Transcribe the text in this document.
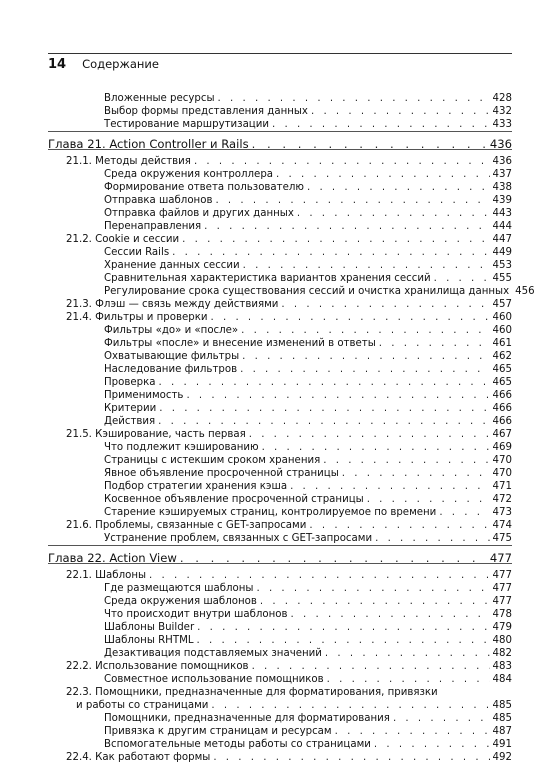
14 Содержание
Вложенные ресурсы . . .	428
Выбор формы представления данных . . .	432
Тестирование маршрутизации . . .	433
Глава 21. Action Controller и Rails . . .	436
21.1. Методы действия . . .	436
Среда окружения контроллера . . .	437
Формирование ответа пользователю . . .	438
Отправка шаблонов . . .	439
Отправка файлов и других данных . . .	443
Перенаправления . . .	444
21.2. Cookie и сессии . . .	447
Сессии Rails . . .	449
Хранение данных сессии . . .	453
Сравнительная характеристика вариантов хранения сессий . . .	455
Регулирование срока существования сессий и очистка хранилища данных 456
21.3. Флэш — связь между действиями . . .	457
21.4. Фильтры и проверки . . .	460
Фильтры «до» и «после» . . .	460
Фильтры «после» и внесение изменений в ответы . . .	461
Охватывающие фильтры . . .	462
Наследование фильтров . . .	465
Проверка . . .	465
Применимость . . .	466
Критерии . . .	466
Действия . . .	466
21.5. Кэширование, часть первая . . .	467
Что подлежит кэшированию . . .	469
Страницы с истекшим сроком хранения . . .	470
Явное объявление просроченной страницы . . .	470
Подбор стратегии хранения кэша . . .	471
Косвенное объявление просроченной страницы . . .	472
Старение кэшируемых страниц, контролируемое по времени . . .	473
21.6. Проблемы, связанные с GET-запросами . . .	474
Устранение проблем, связанных с GET-запросами . . .	475
Глава 22. Action View . . .	477
22.1. Шаблоны . . .	477
Где размещаются шаблоны . . .	477
Среда окружения шаблонов . . .	477
Что происходит внутри шаблонов . . .	478
Шаблоны Builder . . .	479
Шаблоны RHTML . . .	480
Дезактивация подставляемых значений . . .	482
22.2. Использование помощников . . .	483
Совместное использование помощников . . .	484
22.3. Помощники, предназначенные для форматирования, привязки
и работы со страницами . . .	485
Помощники, предназначенные для форматирования . . .	485
Привязка к другим страницам и ресурсам . . .	487
Вспомогательные методы работы со страницами . . .	491
22.4. Как работают формы . . .	492
